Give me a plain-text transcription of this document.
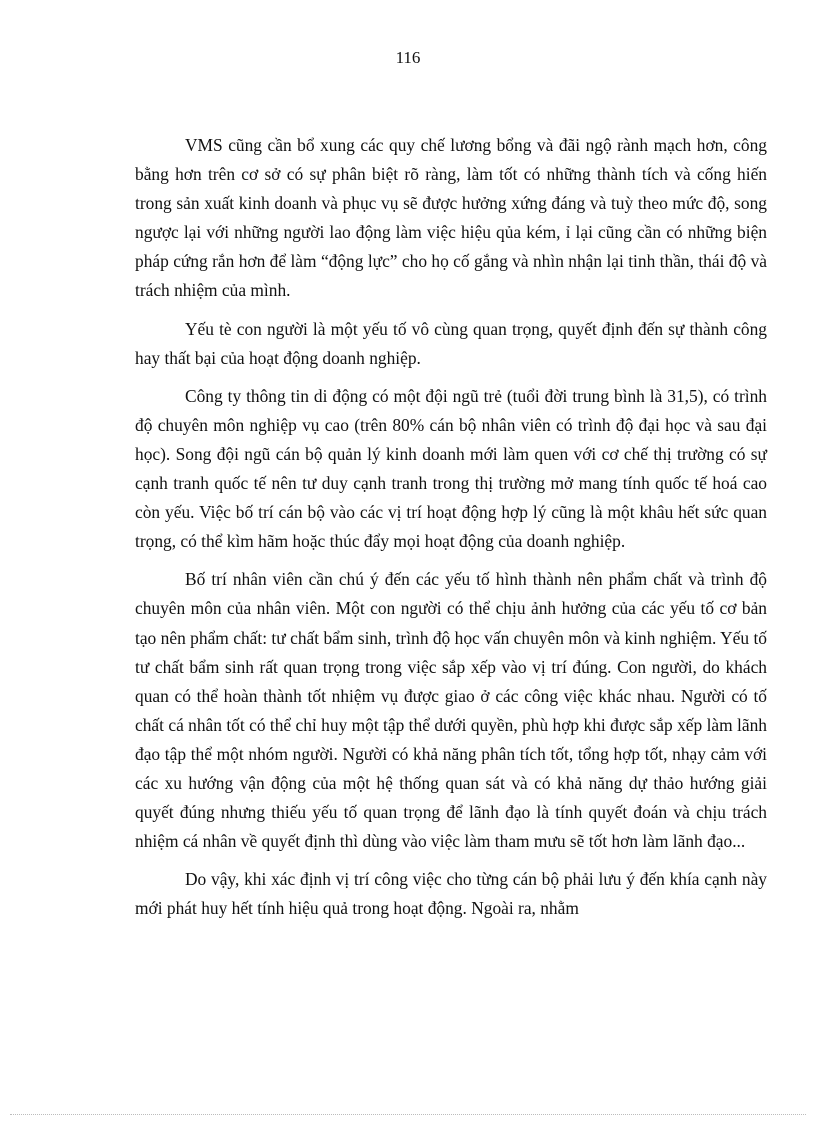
116

VMS cũng cần bổ xung các quy chế lương bổng và đãi ngộ rành mạch hơn, công bằng hơn trên cơ sở có sự phân biệt rõ ràng, làm tốt có những thành tích và cống hiến trong sản xuất kinh doanh và phục vụ sẽ được hưởng xứng đáng và tuỳ theo mức độ, song ngược lại với những người lao động làm việc hiệu qủa kém, ỉ lại cũng cần có những biện pháp cứng rắn hơn để làm “động lực” cho họ cố gắng và nhìn nhận lại tinh thần, thái độ và trách nhiệm của mình.

Yếu tè con người là một yếu tố vô cùng quan trọng, quyết định đến sự thành công hay thất bại của hoạt động doanh nghiệp.

Công ty thông tin di động có một đội ngũ trẻ (tuổi đời trung bình là 31,5), có trình độ chuyên môn nghiệp vụ cao (trên 80% cán bộ nhân viên có trình độ đại học và sau đại học). Song đội ngũ cán bộ quản lý kinh doanh mới làm quen với cơ chế thị trường có sự cạnh tranh quốc tế nên tư duy cạnh tranh trong thị trường mở mang tính quốc tế hoá cao còn yếu. Việc bố trí cán bộ vào các vị trí hoạt động hợp lý cũng là một khâu hết sức quan trọng, có thể kìm hãm hoặc thúc đẩy mọi hoạt động của doanh nghiệp.

Bố trí nhân viên cần chú ý đến các yếu tố hình thành nên phẩm chất và trình độ chuyên môn của nhân viên. Một con người có thể chịu ảnh hưởng của các yếu tố cơ bản tạo nên phẩm chất: tư chất bẩm sinh, trình độ học vấn chuyên môn và kinh nghiệm. Yếu tố tư chất bẩm sinh rất quan trọng trong việc sắp xếp vào vị trí đúng. Con người, do khách quan có thể hoàn thành tốt nhiệm vụ được giao ở các công việc khác nhau. Người có tố chất cá nhân tốt có thể chỉ huy một tập thể dưới quyền, phù hợp khi được sắp xếp làm lãnh đạo tập thể một nhóm người. Người có khả năng phân tích tốt, tổng hợp tốt, nhạy cảm với các xu hướng vận động của một hệ thống quan sát và có khả năng dự thảo hướng giải quyết đúng nhưng thiếu yếu tố quan trọng để lãnh đạo là tính quyết đoán và chịu trách nhiệm cá nhân về quyết định thì dùng vào việc làm tham mưu sẽ tốt hơn làm lãnh đạo...

Do vậy, khi xác định vị trí công việc cho từng cán bộ phải lưu ý đến khía cạnh này mới phát huy hết tính hiệu quả trong hoạt động. Ngoài ra, nhằm
